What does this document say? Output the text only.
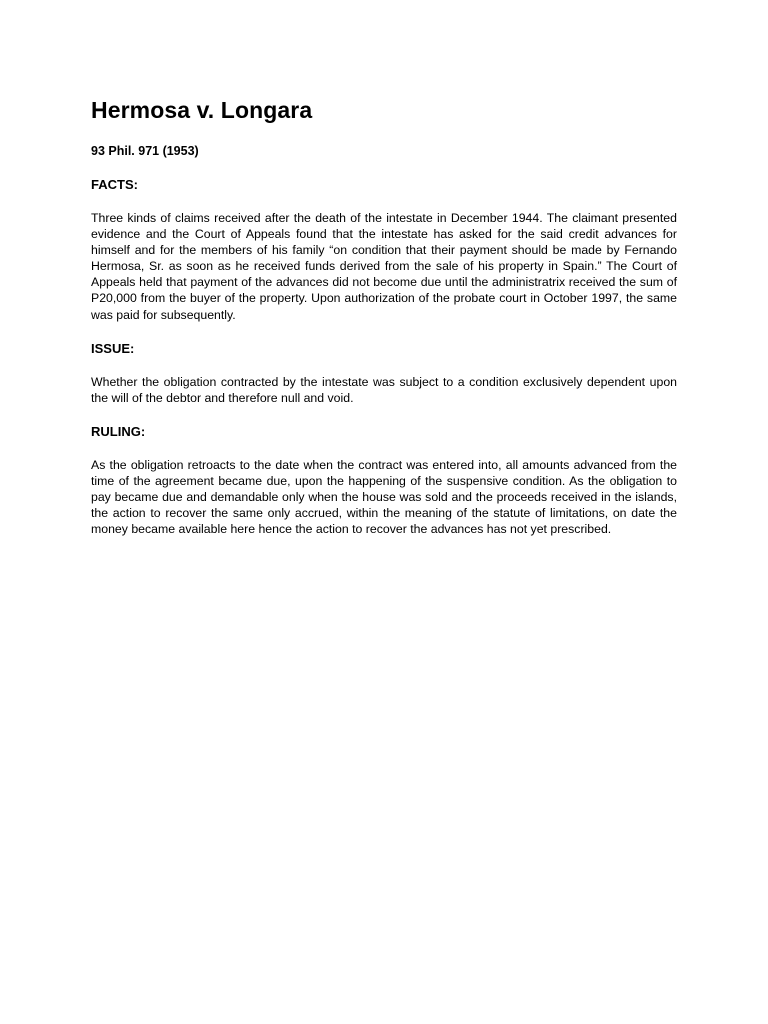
Hermosa v. Longara

93 Phil. 971 (1953)

FACTS:

Three kinds of claims received after the death of the intestate in December 1944. The claimant presented evidence and the Court of Appeals found that the intestate has asked for the said credit advances for himself and for the members of his family “on condition that their payment should be made by Fernando Hermosa, Sr. as soon as he received funds derived from the sale of his property in Spain.” The Court of Appeals held that payment of the advances did not become due until the administratrix received the sum of P20,000 from the buyer of the property. Upon authorization of the probate court in October 1997, the same was paid for subsequently.

ISSUE:

Whether the obligation contracted by the intestate was subject to a condition exclusively dependent upon the will of the debtor and therefore null and void.

RULING:

As the obligation retroacts to the date when the contract was entered into, all amounts advanced from the time of the agreement became due, upon the happening of the suspensive condition. As the obligation to pay became due and demandable only when the house was sold and the proceeds received in the islands, the action to recover the same only accrued, within the meaning of the statute of limitations, on date the money became available here hence the action to recover the advances has not yet prescribed.
